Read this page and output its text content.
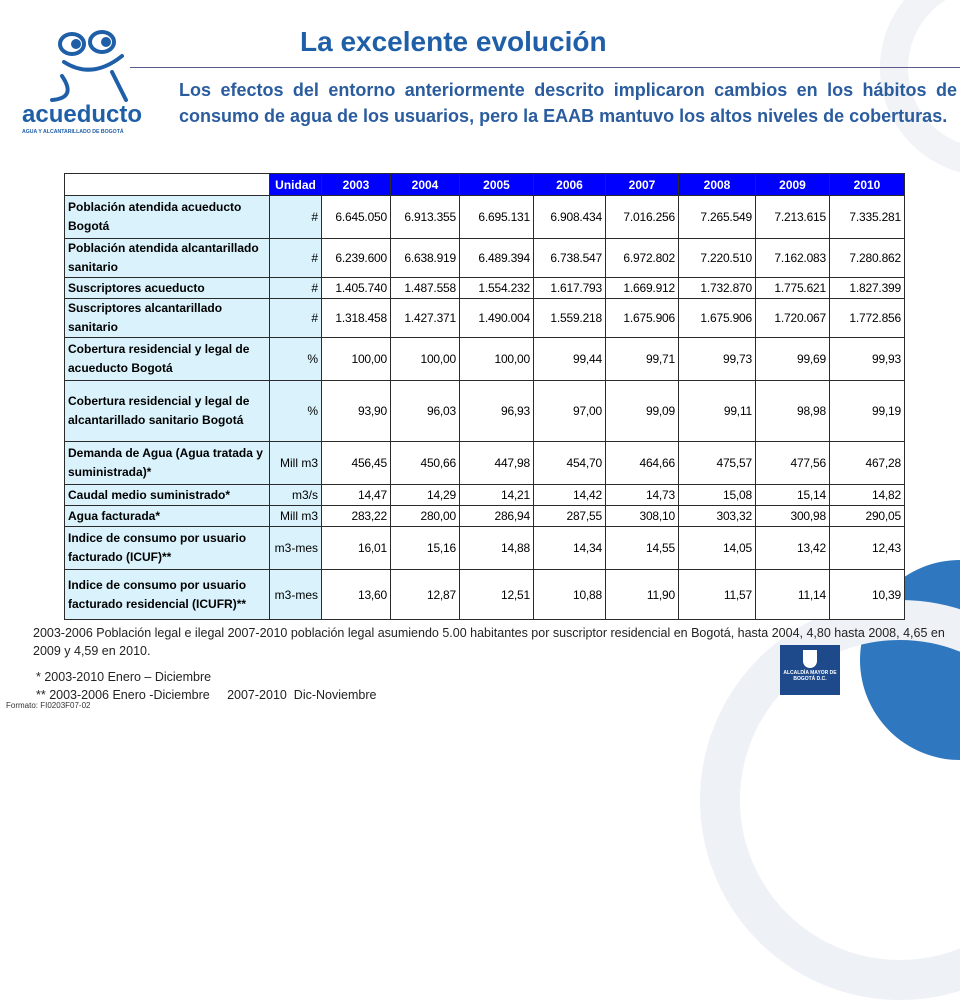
acueducto
AGUA Y ALCANTARILLADO DE BOGOTÁ
La excelente evolución

Los efectos del entorno anteriormente descrito implicaron cambios en los hábitos de consumo de agua de los usuarios, pero la EAAB mantuvo los altos niveles de coberturas.

	Unidad	2003	2004	2005	2006	2007	2008	2009	2010
Población atendida acueducto Bogotá	#	6.645.050	6.913.355	6.695.131	6.908.434	7.016.256	7.265.549	7.213.615	7.335.281
Población atendida alcantarillado sanitario	#	6.239.600	6.638.919	6.489.394	6.738.547	6.972.802	7.220.510	7.162.083	7.280.862
Suscriptores acueducto	#	1.405.740	1.487.558	1.554.232	1.617.793	1.669.912	1.732.870	1.775.621	1.827.399
Suscriptores alcantarillado sanitario	#	1.318.458	1.427.371	1.490.004	1.559.218	1.675.906	1.675.906	1.720.067	1.772.856
Cobertura residencial y legal de acueducto Bogotá	%	100,00	100,00	100,00	99,44	99,71	99,73	99,69	99,93
Cobertura residencial y legal de alcantarillado sanitario Bogotá	%	93,90	96,03	96,93	97,00	99,09	99,11	98,98	99,19
Demanda de Agua (Agua tratada y suministrada)*	Mill m3	456,45	450,66	447,98	454,70	464,66	475,57	477,56	467,28
Caudal medio suministrado*	m3/s	14,47	14,29	14,21	14,42	14,73	15,08	15,14	14,82
Agua facturada*	Mill m3	283,22	280,00	286,94	287,55	308,10	303,32	300,98	290,05
Indice de consumo por usuario facturado (ICUF)**	m3-mes	16,01	15,16	14,88	14,34	14,55	14,05	13,42	12,43
Indice de consumo por usuario facturado residencial (ICUFR)**	m3-mes	13,60	12,87	12,51	10,88	11,90	11,57	11,14	10,39

2003-2006 Población legal e ilegal 2007-2010 población legal asumiendo 5.00 habitantes por suscriptor residencial en Bogotá, hasta 2004, 4,80 hasta 2008, 4,65 en 2009 y 4,59 en 2010.

* 2003-2010 Enero – Diciembre

** 2003-2006 Enero -Diciembre     2007-2010  Dic-Noviembre

ALCALDÍA MAYOR DE BOGOTÁ D.C.

Formato: FI0203F07-02
